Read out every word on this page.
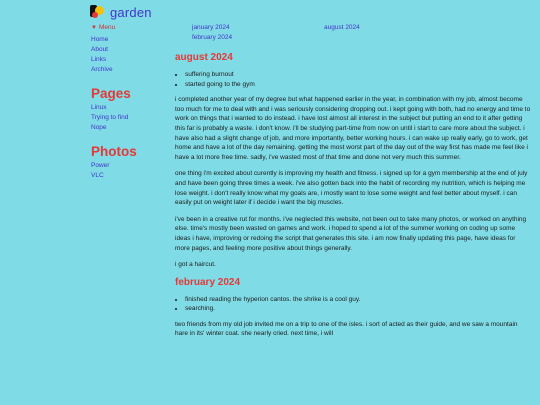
garden
▼ Menu
Home
About
Links
Archive
Pages
Linux
Trying to find
Nope
Photos
Power
VLC
january 2024	august 2024
february 2024
august 2024
• suffering burnout
• started going to the gym

i completed another year of my degree but what happened earlier in the year, in combination with my job, almost become too much for me to deal with and i was seriously considering dropping out. i kept going with both, had no energy and time to work on things that i wanted to do instead. i have lost almost all interest in the subject but putting an end to it after getting this far is probably a waste. i don't know. i'll be studying part-time from now on until i start to care more about the subject. i have also had a slight change of job, and more importantly, better working hours. i can wake up really early, go to work, get home and have a lot of the day remaining. getting the most worst part of the day out of the way first has made me feel like i have a lot more free time. sadly, i've wasted most of that time and done not very much this summer.

one thing i'm excited about curently is improving my health and fitness. i signed up for a gym membership at the end of july and have been going three times a week. i've also gotten back into the habit of recording my nutrition, which is helping me lose weight. i don't really know what my goals are, i mostly want to lose some weight and feel better about myself. i can easily put on weight later if i decide i want the big muscles.

i've been in a creative rut for months. i've neglected this website, not been out to take many photos, or worked on anything else. time's mostly been wasted on games and work. i hoped to spend a lot of the summer working on coding up some ideas i have, improving or redoing the script that generates this site. i am now finally updating this page, have ideas for more pages, and feeling more positive about things generally.

i got a haircut.

february 2024
• finished reading the hyperion cantos. the shrike is a cool guy.
• searching.

two friends from my old job invited me on a trip to one of the isles. i sort of acted as their guide, and we saw a mountain hare in its' winter coat. she nearly cried. next time, i will
